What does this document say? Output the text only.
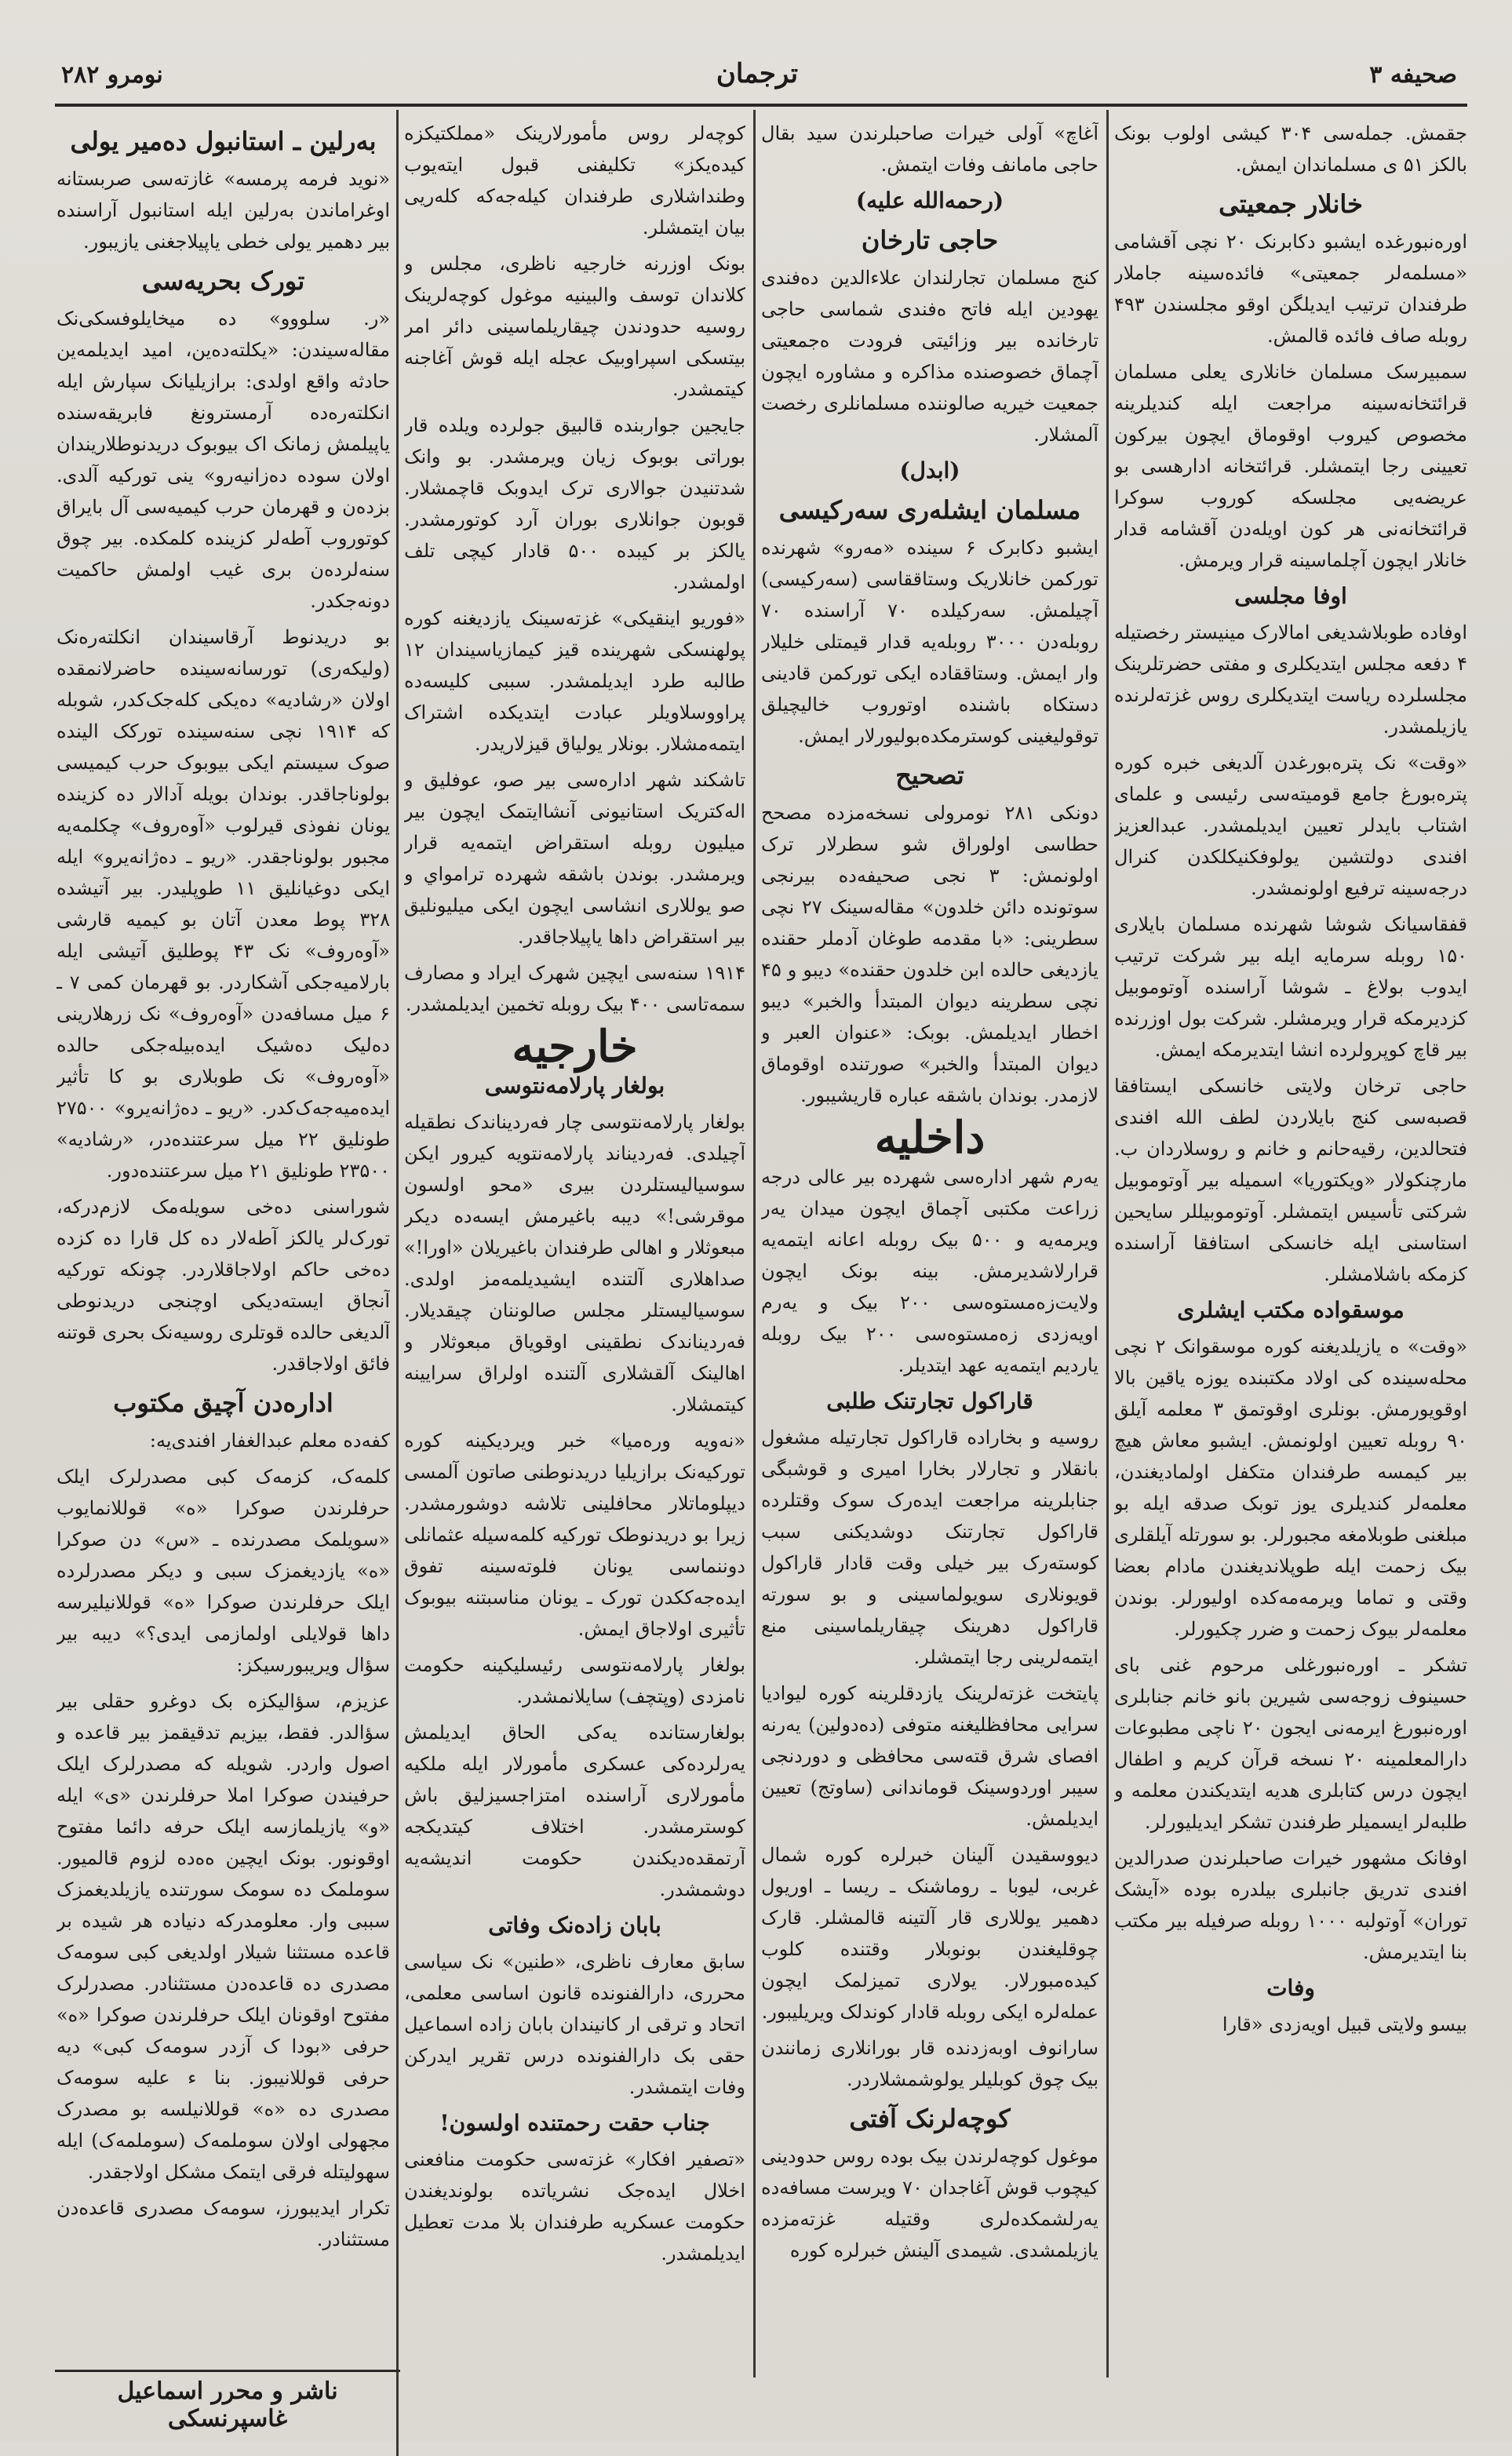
نومرو ۲۸۲	ترجمان	صحیفه ۳

جقمش. جمله‌سی ۳۰۴ کیشی اولوب بونک بالکز ۵۱ ی مسلماندان ایمش.

خانلار جمعیتی

اوره‌نبورغده ایشبو دکابرنک ۲۰ نچی آقشامی «مسلمه‌لر جمعیتی» فائده‌سینه جاملار طرفندان ترتیب ایدیلگن اوقو مجلسندن ۴۹۳ روبله صاف فائده قالمش.

سمبیرسک مسلمان خانلاری یعلی مسلمان قرائتخانه‌سینه مراجعت ایله کندیلرینه مخصوص کیروب اوقوماق ایچون بیرکون تعیینی رجا ایتمشلر. قرائتخانه ادارهسی بو عریضه‌یی مجلسکه کوروب سوکرا قرائتخانه‌نی هر کون اویله‌دن آقشامه قدار خانلار ایچون آچلماسینه قرار ویرمش.

اوفا مجلسی

اوفاده طوبلاشدیغی امالارک مینیستر رخصتیله ۴ دفعه مجلس ایتدیکلری و مفتی حضرتلرینک مجلسلرده ریاست ایتدیکلری روس غزته‌لرنده یازیلمشدر.

«وقت» نک پتره‌بورغدن آلدیغی خبره کوره پتره‌بورغ جامع قومیته‌سی رئیسی و علمای اشتاب بایدلر تعیین ایدیلمشدر. عبدالعزیز افندی دولتشین یولوفکنیکلکدن کنرال درجه‌سینه ترفیع اولونمشدر.

قفقاسیانک شوشا شهرنده مسلمان بایلاری ۱۵۰ روبله سرمایه ایله بیر شرکت ترتیب ایدوب بولاغ ـ شوشا آراسنده آوتوموبیل کزدیرمکه قرار ویرمشلر. شرکت بول اوزرنده بیر قاچ کوپرولرده انشا ایتدیرمکه ایمش.

حاجی ترخان ولایتی خانسکی ایستافقا قصبه‌سی کنج بایلاردن لطف الله افندی فتحالدین، رقیه‌حانم و خانم و روسلاردان ب. مارچنکولار «ویکتوریا» اسمیله بیر آوتوموبیل شرکتی تأسیس ایتمشلر. آوتوموبیللر سایحین استاسنی ایله خانسکی استافقا آراسنده کزمکه باشلامشلر.

موسقوا‌ده مکتب ایشلری

«وقت» ه یازیلدیغنه کوره موسقوانک ۲ نچی محله‌سینده کی اولاد مکتبنده یوزه یاقین بالا اوقویورمش. بونلری اوقوتمق ۳ معلمه آیلق ۹۰ روبله تعیین اولونمش. ایشبو معاش هیچ بیر کیمسه طرفندان متکفل اولمادیغندن، معلمه‌لر کندیلری یوز توبک صدقه ایله بو مبلغنی طوبلامغه مجبورلر. بو سورتله آیلقلری بیک زحمت ایله طوپلاندیغندن مادام بعضا وقتی و تماما ویرمه‌مه‌کده اولیورلر. بوندن معلمه‌لر بیوک زحمت و ضرر چکیورلر.

تشکر ـ اوره‌نبورغلی مرحوم غنی بای حسینوف زوجه‌سی شیرین بانو خانم جنابلری اوره‌نبورغ ایرمه‌نی ایجون ۲۰ ناچی مطبوعات دارالمعلمینه ۲۰ نسخه قرآن کریم و اطفال ایچون درس کتابلری هدیه ایتدیکندن معلمه و طلبه‌لر ایسمیلر طرفندن تشکر ایدیلیورلر.

اوفانک مشهور خیرات صاحبلرندن صدرالدین افندی تدریق جانبلری بیلدره بوده «آیشک توران» آوتولبه ۱۰۰۰ روبله صرفیله بیر مکتب بنا ایتدیرمش.

وفات

بیسو ولایتی قبیل اویه‌زدی «قارا

آغاچ» آولی خیرات صاحبلرندن سید بقال حاجی مامانف وفات ایتمش.

(رحمه‌الله علیه)
حاجی تارخان

کنج مسلمان تجارلندان علاءالدین ده‌فندی یهودین ایله فاتح ه‌فندی شماسی حاجی تارخانده بیر وزائیتی فرودت ه‌جمعیتی آچماق خصوصنده مذاکره و مشاوره ایچون جمعیت خیریه صالوننده مسلمانلری رخصت آلمشلار.

(ابدل)
مسلمان ایشله‌ری سه‌رکیسی

ایشبو دکابرک ۶ سینده «مه‌رو» شهرنده تورکمن خانلاریک وستاققاسی (سه‌رکیسی) آچیلمش. سه‌رکیلده ۷۰ آراسنده ۷۰ روبله‌دن ۳۰۰۰ روبله‌یه قدار قیمتلی خلیلار وار ایمش. وستاققاده ایکی تورکمن قادینی دستکاه باشنده اوتوروب خالیچیلق توقولیغینی کوسترمکده‌بولیورلار ایمش.

تصحیح

دونکی ۲۸۱ نومرولی نسخه‌مزده مصحح حطاسی اولوراق شو سطرلار ترک اولونمش: ۳ نجی صحیفه‌ده بیرنجی سوتونده دائن خلدون» مقاله‌سینک ۲۷ نچی سطرینی: «با مقدمه طوغان آدملر حقنده یازدیغی حالده ابن خلدون حقنده» دیبو و ۴۵ نچی سطرینه دیوان المبتدأ والخبر» دیبو اخطار ایدیلمش. بوبک: «عنوان العبر و دیوان المبتدأ والخبر» صورتنده اوقوماق لازمدر. بوندان باشقه عباره قاریشیبور.

داخلیه

یه‌رم شهر اداره‌سی شهرده بیر عالی درجه زراعت مکتبی آچماق ایچون میدان یه‌ر ویرمه‌یه و ۵۰۰ بیک روبله اعانه ایتمه‌یه قرارلاشدیرمش. بینه بونک ایچون ولایت‌زه‌مستوه‌سی ۲۰۰ بیک و یه‌رم اویه‌زدی زه‌مستوه‌سی ۲۰۰ بیک روبله یاردیم ایتمه‌یه عهد ایتدیلر.

قاراکول تجارتنک طلبی

روسیه و بخاراده قاراکول تجارتیله مشغول بانقلار و تجارلار بخارا امیری و قوشبگی جنابلرینه مراجعت ایده‌رک سوک وقتلرده قاراکول تجارتنک دوشدیکنی سبب کوسته‌رک بیر خیلی وقت قادار قاراکول قویونلاری سویولماسینی و بو سورته قاراکول دهرینک چیقاریلماسینی منع ایتمه‌لرینی رجا ایتمشلر.

پایتخت غزته‌لرینک یازدقلرینه کوره لیوادیا سرایی محافظلیغنه متوفی (ده‌دولین) یه‌رنه افصای شرق قته‌سی محافظی و دوردنجی سیبر اوردوسینک قوماندانی (ساوتج) تعیین ایدیلمش.

دیووسقیدن آلینان خبرلره کوره شمال غربی، لیوبا ـ روماشنک ـ ریسا ـ اوریول دهمیر یوللاری قار آلتینه قالمشلر. قارک چوقلیغندن بونوبلار وقتنده کلوب کیده‌مبورلار. یولاری تمیزلمک ایچون عمله‌لره ایکی روبله قادار کوندلک ویریلیبور.

سارانوف اوبه‌زدنده قار بورانلاری زمانندن بیک چوق کوبلیلر یولوشمشلاردر.

کوچه‌لرنک آفتی

موغول کوچه‌لرندن بیک بوده روس حدودینی کیچوب قوش آغاجدان ۷۰ ویرست مسافه‌ده یه‌رلشمکده‌لری وقتیله غزته‌مزده یازیلمشدی. شیمدی آلینش خبرلره کوره

کوچه‌لر روس مأمورلارینک «مملکتیکزه کیده‌یکز» تکلیفنی قبول ایته‌یوب وطنداشلاری طرفندان کیله‌جه‌که کله‌ریی بیان ایتمشلر.

بونک اوزرنه خارجیه ناظری، مجلس و کلاندان توسف والبینیه موغول کوچه‌لرینک روسیه حدودندن چیقاریلماسینی دائر امر بیتسکی اسپراوبیک عجله ایله قوش آغاجنه کیتمشدر.

جایجین جواربنده قالبیق جولرده ویلده قار بوراتی بوبوک زیان ویرمشدر. بو وانک شدتنیدن جوالاری ترک ایدوبک قاچمشلار. قوبون جوانلاری بوران آرد کوتورمشدر. یالکز بر کیبده ۵۰۰ قادار کیچی تلف اولمشدر.

«فوریو اینقیکی» غزته‌سینک یازدیغنه کوره پولهنسکی شهرینده قیز کیمازیاسیندان ۱۲ طالبه طرد ایدیلمشدر. سببی کلیسه‌ده پراووسلاویلر عبادت ایتدیکده اشتراک ایتمه‌مشلار. بونلار یولیاق قیزلاریدر.

تاشکند شهر اداره‌سی بیر صو، عوفلیق و اله‌کتریک استانیونی آنشاایتمک ایچون بیر میلیون روبله استقراض ایتمه‌یه قرار ویرمشدر. بوندن باشقه شهرده ترامواي و صو یوللاری انشاسی ایچون ایکی میلیونلیق بیر استقراض داها یاپیلاجاقدر.

۱۹۱۴ سنه‌سی ایچین شهرک ایراد و مصارف سمه‌تاسی ۴۰۰ بیک روبله تخمین ایدیلمشدر.

خارجیه
بولغار پارلامه‌نتوسی

بولغار پارلامه‌نتوسی چار فه‌ردیناندک نطقیله آچیلدی. فه‌ردیناند پارلامه‌نتویه کیرور ایکن سوسیالیستلردن بیری «محو اولسون موقرشی!» دیبه باغیرمش ایسه‌ده دیکر مبعوثلار و اهالی طرفندان باغیریلان «اورا!» صداهلاری آلتنده ایشیدیلمه‌مز اولدی. سوسیالیستلر مجلس صالوننان چیقدیلار. فه‌ردیناندک نطقینی اوقویاق مبعوثلار و اهالینک آلقشلاری آلتنده اولراق سرایینه کیتمشلار.

«نه‌ویه وره‌میا» خبر ویردیکینه کوره تورکیه‌نک برازیلیا دریدنوطنی صاتون آلمسی دیپلوماتلار محافلینی تلاشه دوشورمشدر. زیرا بو دریدنوطک تورکیه کلمه‌سیله عثمانلی دوننماسی یونان فلوته‌سینه تفوق ایده‌جه‌ککدن تورک ـ یونان مناسبتنه بیوبوک تأثیری اولاجاق ایمش.

بولغار پارلامه‌نتوسی رئیسلیکینه حکومت نامزدی (وپتچف) سایلانمشدر.

بولغارستانده یه‌کی الحاق ایدیلمش یه‌رلرده‌کی عسکری مأمورلار ایله ملکیه مأمورلاری آراسنده امتزاجسیزلیق باش کوسترمشدر. اختلاف کیتدیکجه آرتمقده‌دیکندن حکومت اندیشه‌یه دوشمشدر.

بابان زاده‌نک وفاتی

سابق معارف ناظری، «طنین» نک سیاسی محرری، دارالفنونده قانون اساسی معلمی، اتحاد و ترقی ار کانیندان بابان زاده اسماعیل حقی بک دارالفنونده درس تقریر ایدرکن وفات ایتمشدر.

جناب حقت رحمتنده اولسون!

«تصفیر افکار» غزته‌سی حکومت منافعنی اخلال ایده‌جک نشریاتده بولوندیغندن حکومت عسکریه طرفندان بلا مدت تعطیل ایدیلمشدر.

به‌رلین ـ استانبول ده‌میر یولی

«نوید فرمه پرمسه» غازته‌سی صربستانه اوغراماندن به‌رلین ایله استانبول آراسنده بیر دهمیر یولی خطی یاپیلاجغنی یازیبور.

تورک بحریه‌سی

«ر. سلووو» ده میخایلوفسکی‌نک مقاله‌سیندن: «یکلته‌ده‌ین، امید ایدیلمه‌ین حادثه واقع اولدی: برازیلیانک سپارش ایله انکلته‌ره‌ده آرمسترونغ فابریقه‌سنده یاپیلمش زمانک اک بیوبوک دریدنوطلاریندان اولان سوده ده‌زانیه‌رو» ینی تورکیه آلدی. بزده‌ن و قهرمان حرب کیمیه‌سی آل بایراق کوتوروب آطه‌لر کزینده کلمکده. بیر چوق سنه‌لرده‌ن بری غیب اولمش حاکمیت دونه‌جکدر.

بو دریدنوط آرقاسیندان انکلته‌ره‌نک (ولیکه‌ری) تورسانه‌سینده حاضرلانمقده اولان «رشادیه» ده‌یکی کله‌جک‌کدر، شوبله که ۱۹۱۴ نچی سنه‌سینده تورکک الینده صوک سیستم ایکی بیوبوک حرب کیمیسی بولوناجاقدر. بوندان بویله آدالار ده کزینده یونان نفوذی قیرلوب «آوه‌روف» چکلمه‌یه مجبور بولوناجقدر. «ریو ـ ده‌ژانه‌یرو» ایله ایکی دوغیانلیق ۱۱ طوپلیدر. بیر آتیشده ۳۲۸ پوط معدن آتان بو کیمیه قارشی «آوه‌روف» نک ۴۳ پوطلیق آتیشی ایله بارلامیه‌جکی آشکاردر. بو قهرمان کمی ۷ ـ ۶ میل مسافه‌دن «آوه‌روف» نک زرهلارینی ده‌لیک ده‌شیک ایده‌بیله‌جکی حالده «آوه‌روف» نک طوبلاری بو کا تأثیر ایده‌میه‌جه‌ک‌کدر. «ریو ـ ده‌ژانه‌یرو» ۲۷۵۰۰ طونلیق ۲۲ میل سرعتنده‌در، «رشادیه» ۲۳۵۰۰ طونلیق ۲۱ میل سرعتنده‌دور.

شوراسنی ده‌خی سویله‌مک لازم‌درکه، تورک‌لر یالکز آطه‌لار ده کل قارا ده کزده ده‌خی حاکم اولاجاقلاردر. چونکه تورکیه آنجاق ایسته‌دیکی اوچنجی دریدنوطی آلدیغی حالده قوتلری روسیه‌نک بحری قوتنه فائق اولاجاقدر.

اداره‌دن آچیق مکتوب

کفه‌ده معلم عبدالغفار افندی‌یه:

کلمه‌ک، کزمه‌ک کبی مصدرلرک ایلک حرفلرندن صوکرا «ه» قوللانمایوب «سویلمک مصدرنده ـ «س» دن صوکرا «ه» یازدیغمزک سبی و دیکر مصدرلرده ایلک حرفلرندن صوکرا «ه» قوللانیلیرسه داها قولایلی اولمازمی ایدی؟» دیبه بیر سؤال ویریبورسیکز:

عزیزم، سؤالیکزه بک دوغرو حقلی بیر سؤالدر. فقط، بیزیم تدقیقمز بیر قاعده و اصول واردر. شویله که مصدرلرک ایلک حرفیندن صوکرا املا حرفلرندن «ی» ایله «و» یازیلمازسه ایلک حرفه دائما مفتوح اوقونور. بونک ایچین ه‌ه‌ده لزوم قالمیور. سوملمک ده سومک سورتنده یازیلدیغمزک سببی وار. معلومدرکه دنیاده هر شیده بر قاعده مستثنا شیلار اولدیغی کبی سومه‌ک مصدری ده قاعده‌دن مستثنادر. مصدرلرک مفتوح اوقونان ایلک حرفلرندن صوکرا «ه» حرفی «بودا ک آزدر سومه‌ک کبی» دیه حرفی قوللانیبوز. بنا ء علیه سومه‌ک مصدری ده «ه» قوللانیلسه بو مصدرک مجهولی اولان سوملمه‌ک (سوملمه‌ک) ایله سهولیتله فرقی ایتمک مشکل اولاجقدر.

تکرار ایدیبورز، سومه‌ک مصدری قاعده‌دن مستثنادر.

ناشر و محرر اسماعیل غاسپرنسکی
